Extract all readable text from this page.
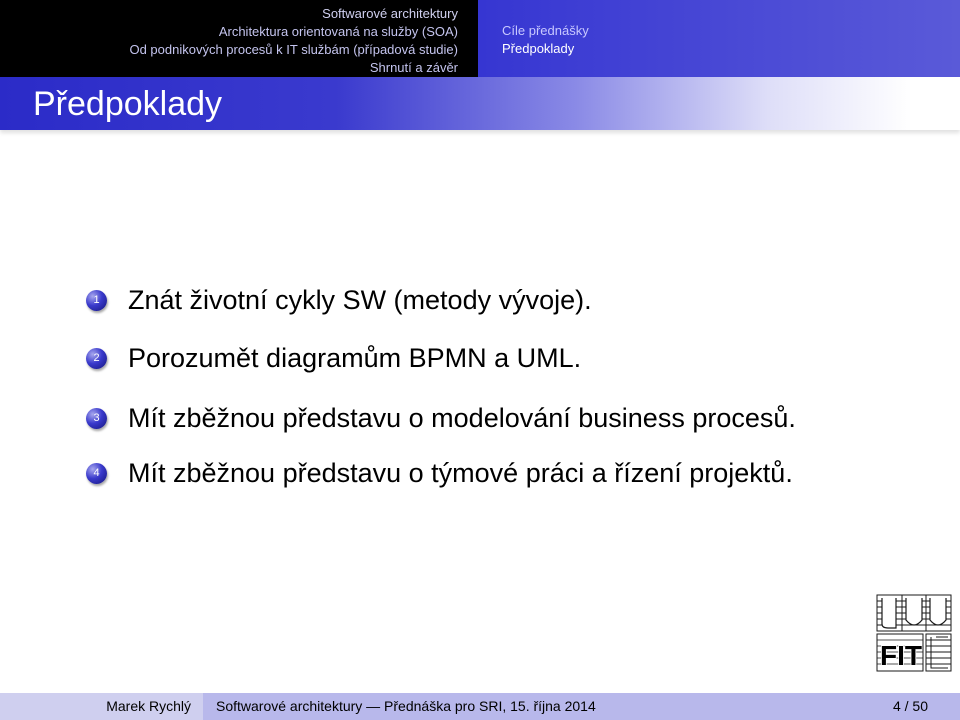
Softwarové architektury
Architektura orientovaná na služby (SOA)
Od podnikových procesů k IT službám (případová studie)
Shrnutí a závěr
Cíle přednášky
Předpoklady
Předpoklady
1 Znát životní cykly SW (metody vývoje).
2 Porozumět diagramům BPMN a UML.
3 Mít zběžnou představu o modelování business procesů.
4 Mít zběžnou představu o týmové práci a řízení projektů.
FIT
Marek Rychlý	Softwarové architektury — Přednáška pro SRI, 15. října 2014	4 / 50
